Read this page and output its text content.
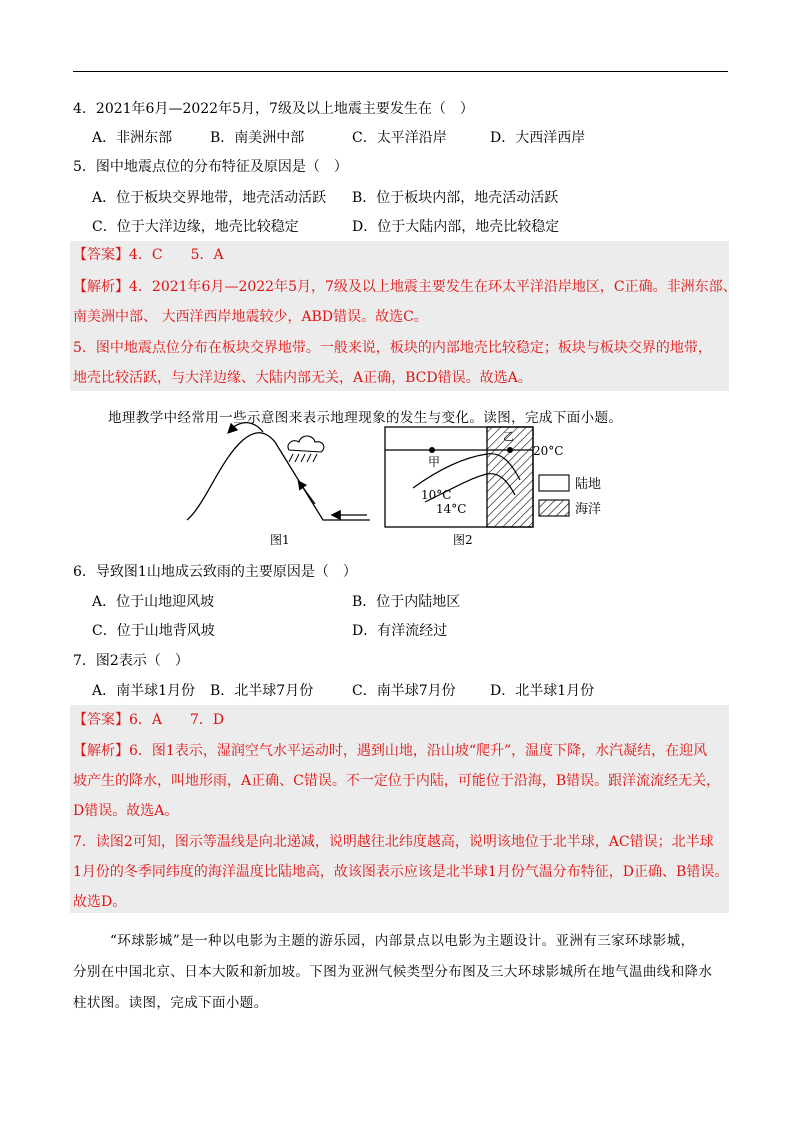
4．2021年6月—2022年5月，7级及以上地震主要发生在（　）
A．非洲东部	B．南美洲中部	C．太平洋沿岸	D．大西洋西岸
5．图中地震点位的分布特征及原因是（　）
A．位于板块交界地带，地壳活动活跃 B．位于板块内部，地壳活动活跃
C．位于大洋边缘，地壳比较稳定	D．位于大陆内部，地壳比较稳定
【答案】4．C　　5．A
【解析】4．2021年6月—2022年5月，7级及以上地震主要发生在环太平洋沿岸地区，C正确。非洲东部、
南美洲中部、 大西洋西岸地震较少，ABD错误。故选C。
5．图中地震点位分布在板块交界地带。一般来说，板块的内部地壳比较稳定；板块与板块交界的地带，
地壳比较活跃，与大洋边缘、大陆内部无关，A正确，BCD错误。故选A。
地理教学中经常用一些示意图来表示地理现象的发生与变化。读图，完成下面小题。
图1
甲
乙
20°C
10°C
14°C
图2
陆地
海洋
6．导致图1山地成云致雨的主要原因是（　）
A．位于山地迎风坡	B．位于内陆地区
C．位于山地背风坡	D．有洋流经过
7．图2表示（　）
A．南半球1月份 B．北半球7月份	C．南半球7月份 D．北半球1月份
【答案】6．A　　7．D
【解析】6．图1表示，湿润空气水平运动时，遇到山地，沿山坡“爬升”，温度下降，水汽凝结，在迎风
坡产生的降水，叫地形雨，A正确、C错误。不一定位于内陆，可能位于沿海，B错误。跟洋流流经无关，
D错误。故选A。
7．读图2可知，图示等温线是向北递减，说明越往北纬度越高，说明该地位于北半球，AC错误；北半球
1月份的冬季同纬度的海洋温度比陆地高，故该图表示应该是北半球1月份气温分布特征，D正确、B错误。
故选D。
“环球影城”是一种以电影为主题的游乐园，内部景点以电影为主题设计。亚洲有三家环球影城，
分别在中国北京、日本大阪和新加坡。下图为亚洲气候类型分布图及三大环球影城所在地气温曲线和降水
柱状图。读图，完成下面小题。
